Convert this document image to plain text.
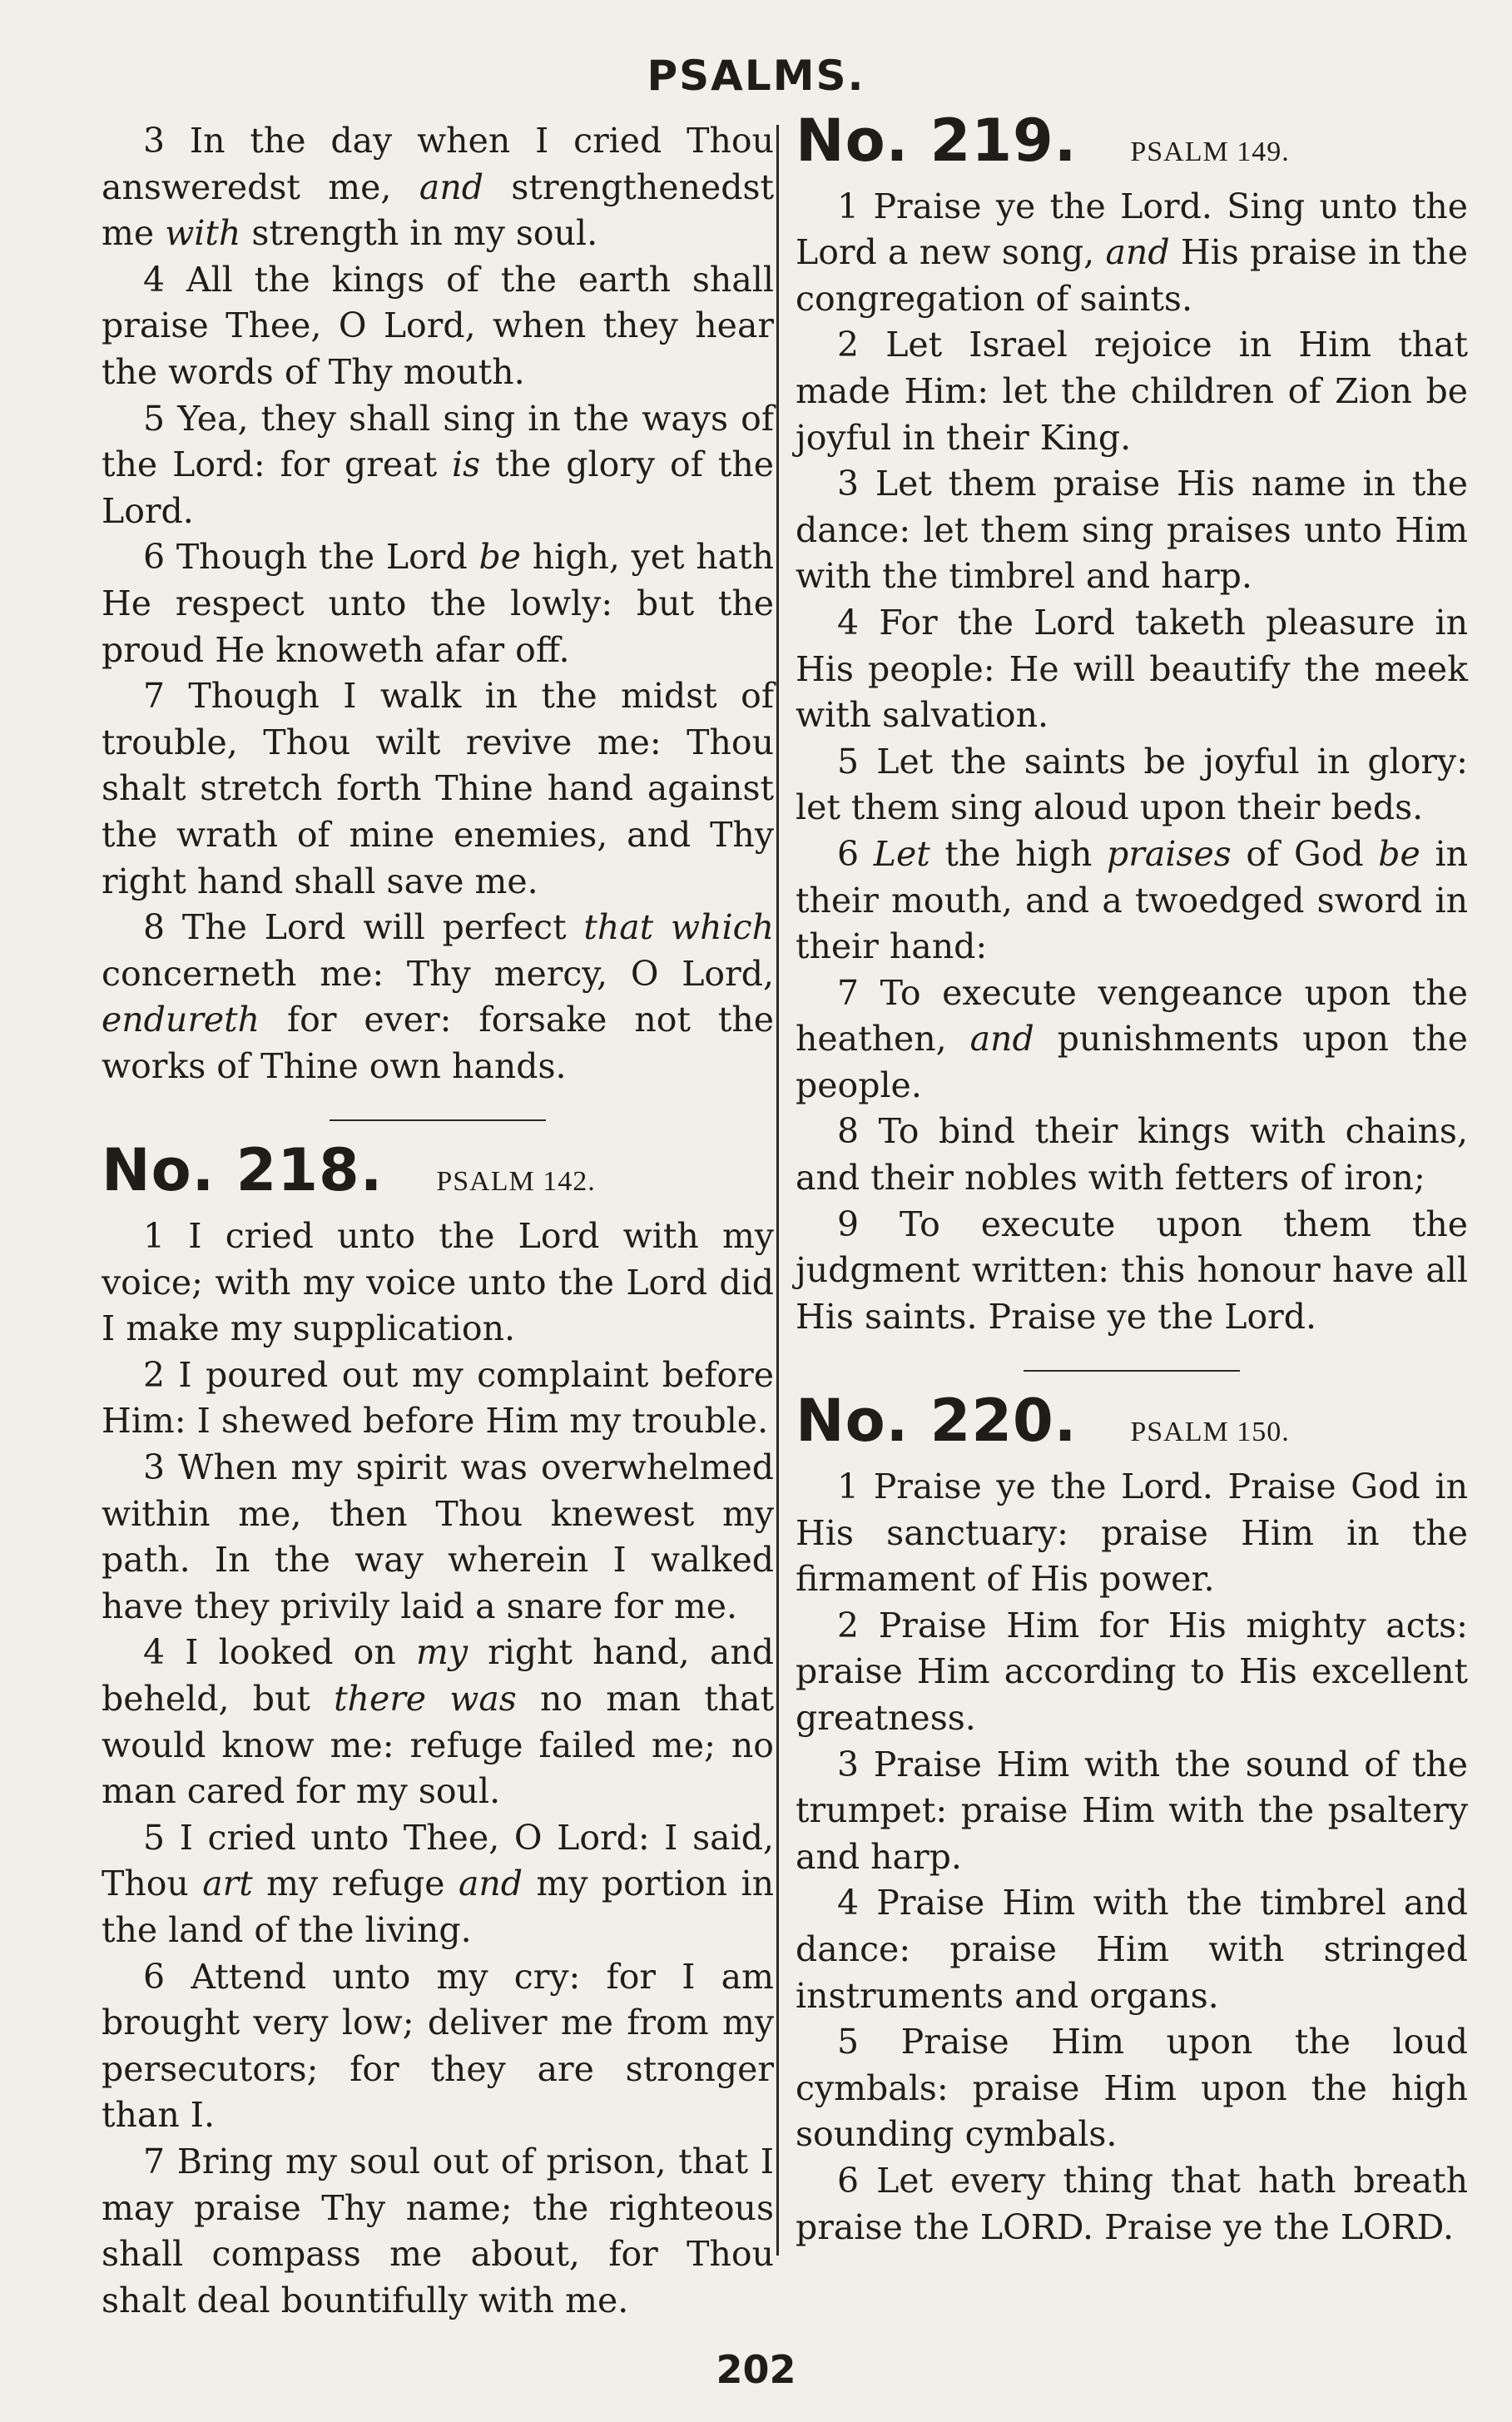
PSALMS.

3 In the day when I cried Thou answeredst me, and strengthenedst me with strength in my soul.

4 All the kings of the earth shall praise Thee, O Lord, when they hear the words of Thy mouth.

5 Yea, they shall sing in the ways of the Lord: for great is the glory of the Lord.

6 Though the Lord be high, yet hath He respect unto the lowly: but the proud He knoweth afar off.

7 Though I walk in the midst of trouble, Thou wilt revive me: Thou shalt stretch forth Thine hand against the wrath of mine enemies, and Thy right hand shall save me.

8 The Lord will perfect that which concerneth me: Thy mercy, O Lord, endureth for ever: forsake not the works of Thine own hands.

No. 218. PSALM 142.

1 I cried unto the Lord with my voice; with my voice unto the Lord did I make my supplication.

2 I poured out my complaint before Him: I shewed before Him my trouble.

3 When my spirit was overwhelmed within me, then Thou knewest my path. In the way wherein I walked have they privily laid a snare for me.

4 I looked on my right hand, and beheld, but there was no man that would know me: refuge failed me; no man cared for my soul.

5 I cried unto Thee, O Lord: I said, Thou art my refuge and my portion in the land of the living.

6 Attend unto my cry: for I am brought very low; deliver me from my persecutors; for they are stronger than I.

7 Bring my soul out of prison, that I may praise Thy name; the righteous shall compass me about, for Thou shalt deal bountifully with me.

No. 219. PSALM 149.

1 Praise ye the Lord. Sing unto the Lord a new song, and His praise in the congregation of saints.

2 Let Israel rejoice in Him that made Him: let the children of Zion be joyful in their King.

3 Let them praise His name in the dance: let them sing praises unto Him with the timbrel and harp.

4 For the Lord taketh pleasure in His people: He will beautify the meek with salvation.

5 Let the saints be joyful in glory: let them sing aloud upon their beds.

6 Let the high praises of God be in their mouth, and a twoedged sword in their hand:

7 To execute vengeance upon the heathen, and punishments upon the people.

8 To bind their kings with chains, and their nobles with fetters of iron;

9 To execute upon them the judgment written: this honour have all His saints. Praise ye the Lord.

No. 220. PSALM 150.

1 Praise ye the Lord. Praise God in His sanctuary: praise Him in the firmament of His power.

2 Praise Him for His mighty acts: praise Him according to His excellent greatness.

3 Praise Him with the sound of the trumpet: praise Him with the psaltery and harp.

4 Praise Him with the timbrel and dance: praise Him with stringed instruments and organs.

5 Praise Him upon the loud cymbals: praise Him upon the high sounding cymbals.

6 Let every thing that hath breath praise the LORD. Praise ye the LORD.

202
